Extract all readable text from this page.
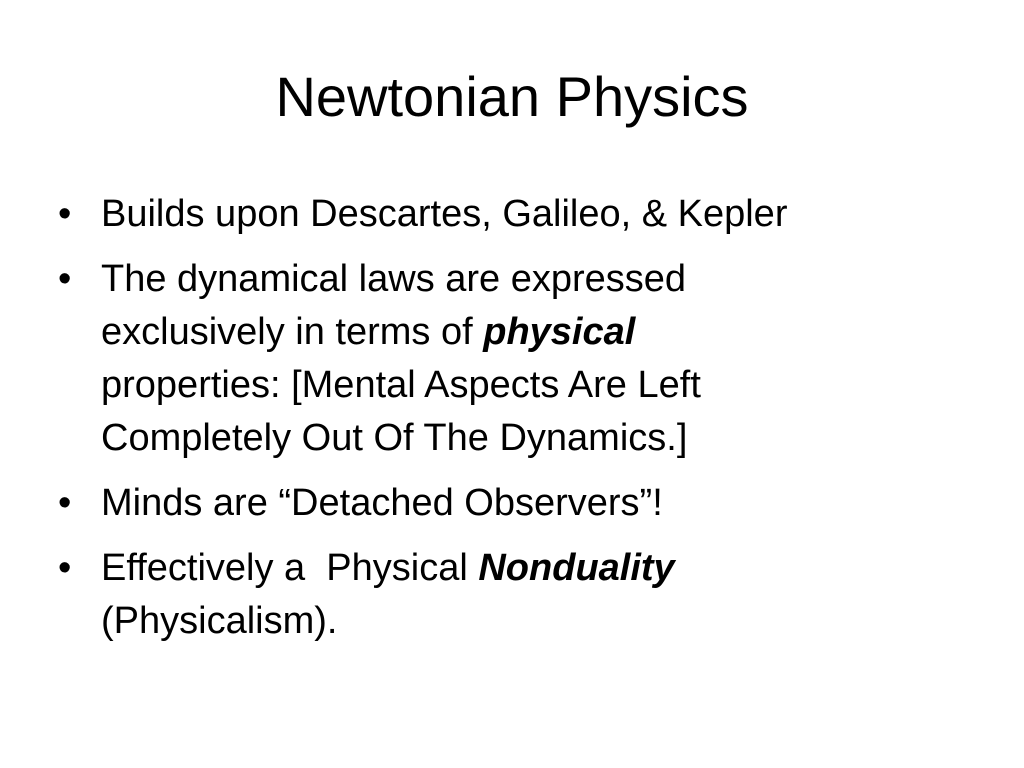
Newtonian Physics
• Builds upon Descartes, Galileo, & Kepler
• The dynamical laws are expressed
exclusively in terms of physical
properties: [Mental Aspects Are Left
Completely Out Of The Dynamics.]
• Minds are “Detached Observers”!
• Effectively a  Physical Nonduality
(Physicalism).
